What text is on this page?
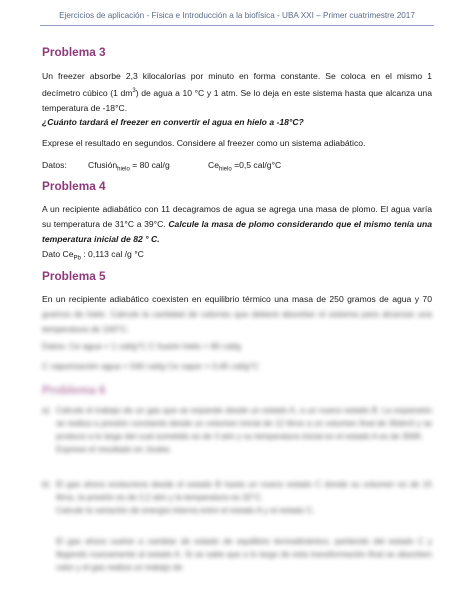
Ejercicios de aplicación - Física e Introducción a la biofísica - UBA XXI – Primer cuatrimestre 2017
Problema 3
Un freezer absorbe 2,3 kilocalorías por minuto en forma constante. Se coloca en el mismo 1 decímetro cúbico (1 $dm^3$) de agua a 10 °C y 1 atm. Se lo deja en este sistema hasta que alcanza una temperatura de -18°C.
¿Cuánto tardará el freezer en convertir el agua en hielo a -18°C?
Exprese el resultado en segundos. Considere al freezer como un sistema adiabático.
Datos: Cfusión$_{hielo}$ = 80 cal/g	$Ce_{hielo} =0,5$ cal/g°C
Problema 4
A un recipiente adiabático con 11 decagramos de agua se agrega una masa de plomo. El agua varía su temperatura de 31°C a 39°C. Calcule la masa de plomo considerando que el mismo tenía una temperatura inicial de 82 ° C.
Dato $Ce_{Pb}$ : 0,113 cal /g °C
Problema 5
En un recipiente adiabático coexisten en equilibrio térmico una masa de 250 gramos de agua y 70
gramos de hielo. Calcule la cantidad de calorías que deberá absorber el sistema para alcanzar una temperatura de 100°C.
Datos: Ce agua = 1 cal/g°C C fusión hielo = 80 cal/g
C vaporización agua = 540 cal/g Ce vapor = 0,45 cal/g°C
Problema 6
a) Calcule el trabajo de un gas que se expande desde un estado A, a un nuevo estado B. La expansión se realiza a presión constante desde un volumen inicial de 12 litros a un volumen final de 30dm3 y se produce a lo largo del cual sometido es de 3 atm y su temperatura inicial en el estado A es de 300K.
Exprese el resultado en Joules.
b) El gas ahora evoluciona desde el estado B hasta un nuevo estado C donde su volumen es de 15 litros, la presión es de 2,2 atm y la temperatura es 32°C.
Calcule la variación de energía interna entre el estado A y el estado C.
El gas ahora vuelve a cambiar de estado de equilibrio termodinámico, partiendo del estado C y llegando nuevamente al estado A. Si se sabe que a lo largo de esta transformación final se absorben calor y el gas realiza un trabajo de
